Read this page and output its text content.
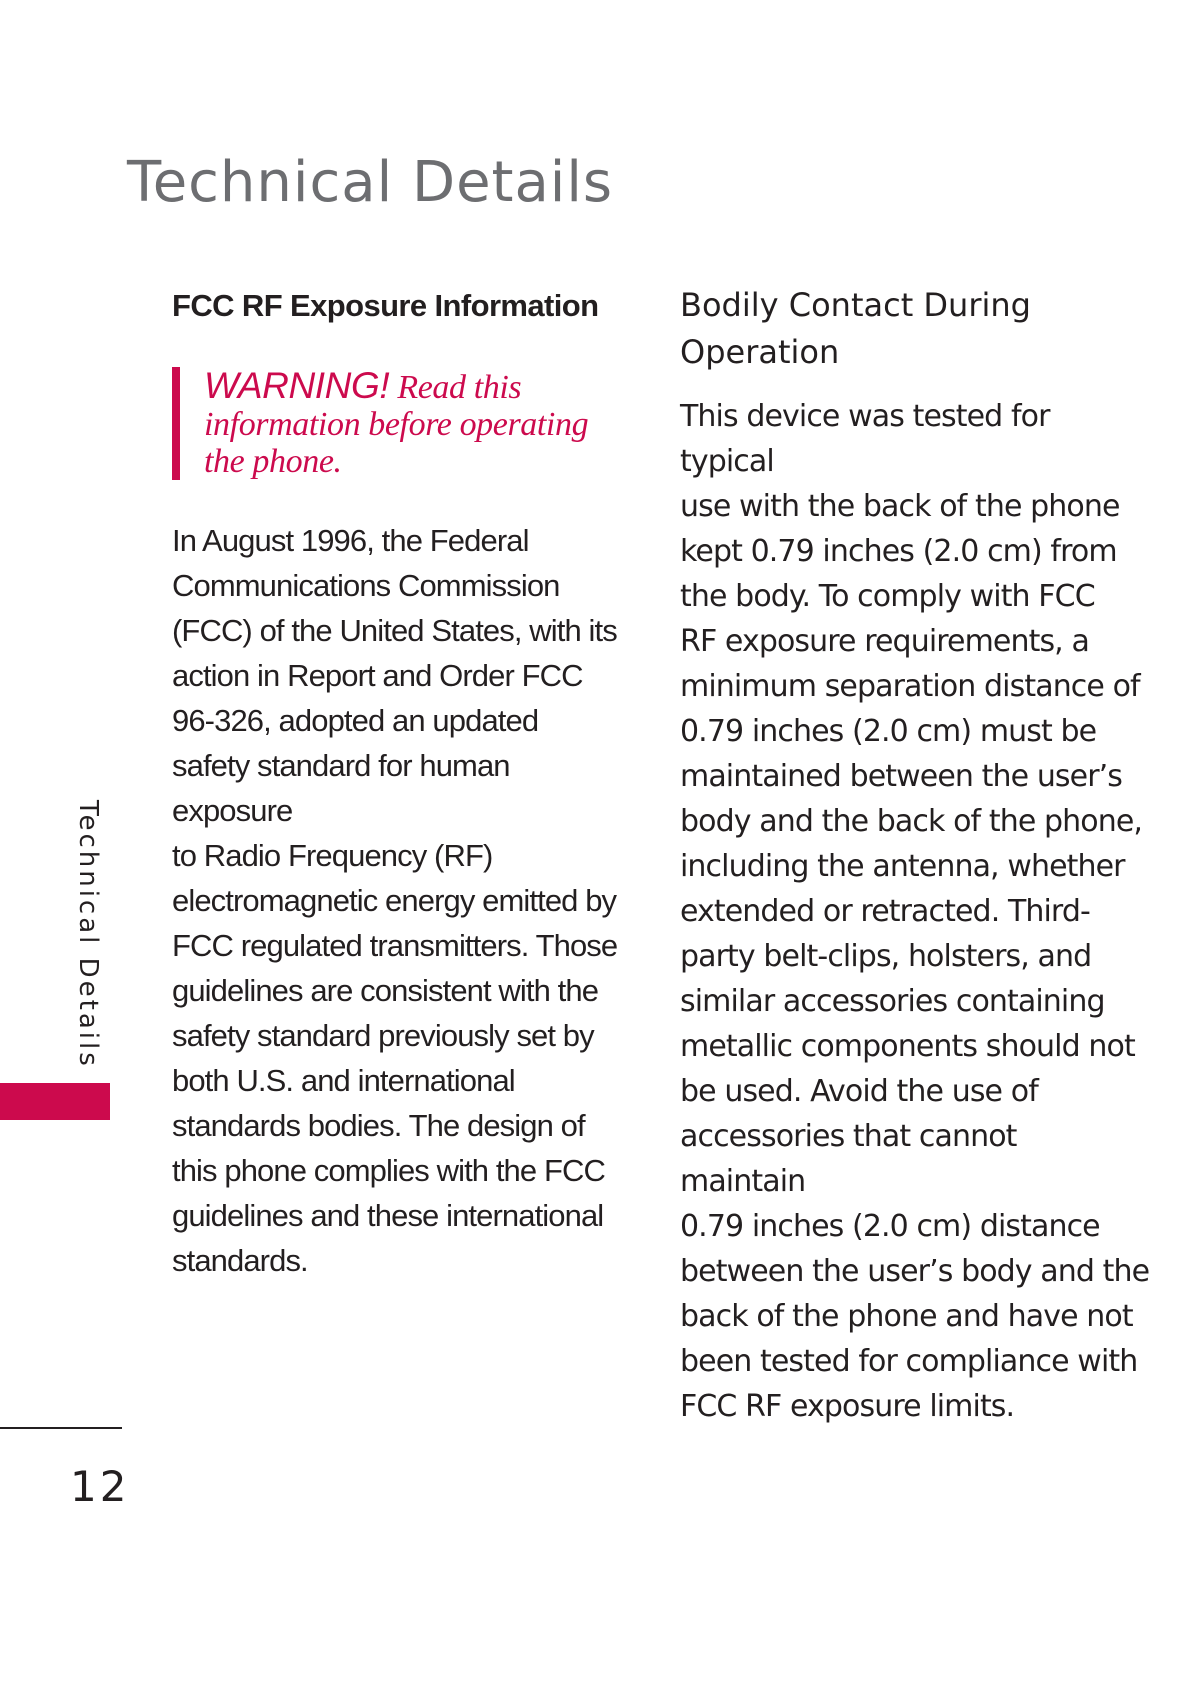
Technical Details
FCC RF Exposure Information
WARNING! Read this information before operating the phone.

In August 1996, the Federal
Communications Commission
(FCC) of the United States, with its
action in Report and Order FCC
96-326, adopted an updated
safety standard for human exposure
to Radio Frequency (RF)
electromagnetic energy emitted by
FCC regulated transmitters. Those
guidelines are consistent with the
safety standard previously set by
both U.S. and international
standards bodies. The design of
this phone complies with the FCC
guidelines and these international
standards.

Bodily Contact During
Operation

This device was tested for typical
use with the back of the phone
kept 0.79 inches (2.0 cm) from
the body. To comply with FCC
RF exposure requirements, a
minimum separation distance of
0.79 inches (2.0 cm) must be
maintained between the user’s
body and the back of the phone,
including the antenna, whether
extended or retracted. Third-
party belt-clips, holsters, and
similar accessories containing
metallic components should not
be used. Avoid the use of
accessories that cannot maintain
0.79 inches (2.0 cm) distance
between the user’s body and the
back of the phone and have not
been tested for compliance with
FCC RF exposure limits.

Technical Details
12
